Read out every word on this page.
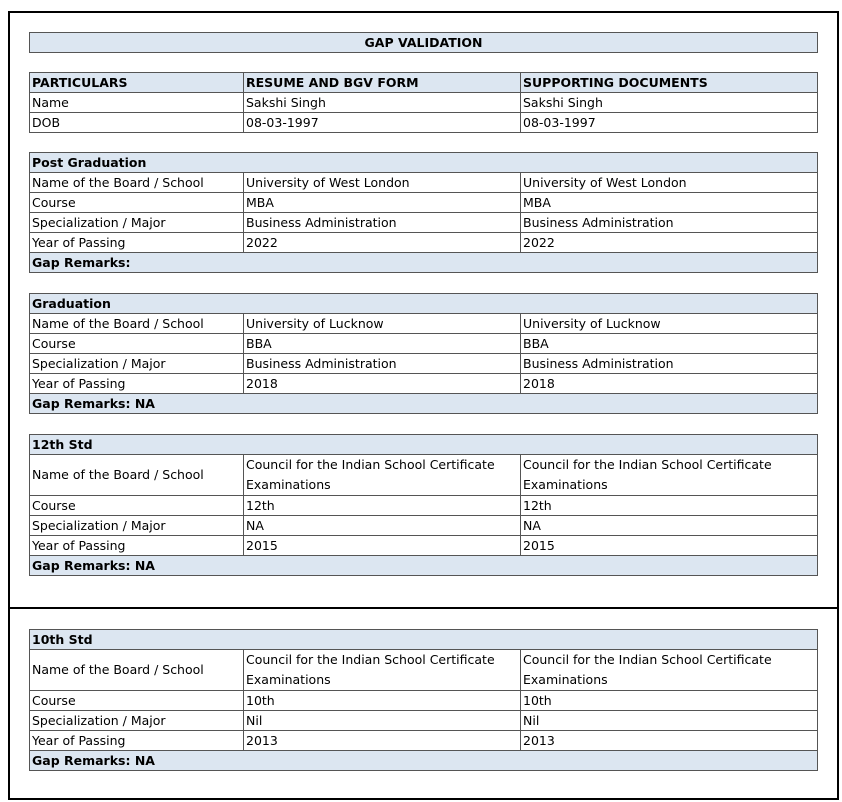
GAP VALIDATION
PARTICULARS	RESUME AND BGV FORM	SUPPORTING DOCUMENTS
Name	Sakshi Singh	Sakshi Singh
DOB	08-03-1997	08-03-1997
Post Graduation		
Name of the Board / School	University of West London	University of West London
Course	MBA	MBA
Specialization / Major	Business Administration	Business Administration
Year of Passing	2022	2022
Gap Remarks:		
Graduation		
Name of the Board / School	University of Lucknow	University of Lucknow
Course	BBA	BBA
Specialization / Major	Business Administration	Business Administration
Year of Passing	2018	2018
Gap Remarks: NA		
12th Std		
Name of the Board / School	Council for the Indian School Certificate Examinations	Council for the Indian School Certificate Examinations
Course	12th	12th
Specialization / Major	NA	NA
Year of Passing	2015	2015
Gap Remarks: NA		
10th Std		
Name of the Board / School	Council for the Indian School Certificate Examinations	Council for the Indian School Certificate Examinations
Course	10th	10th
Specialization / Major	Nil	Nil
Year of Passing	2013	2013
Gap Remarks: NA		
